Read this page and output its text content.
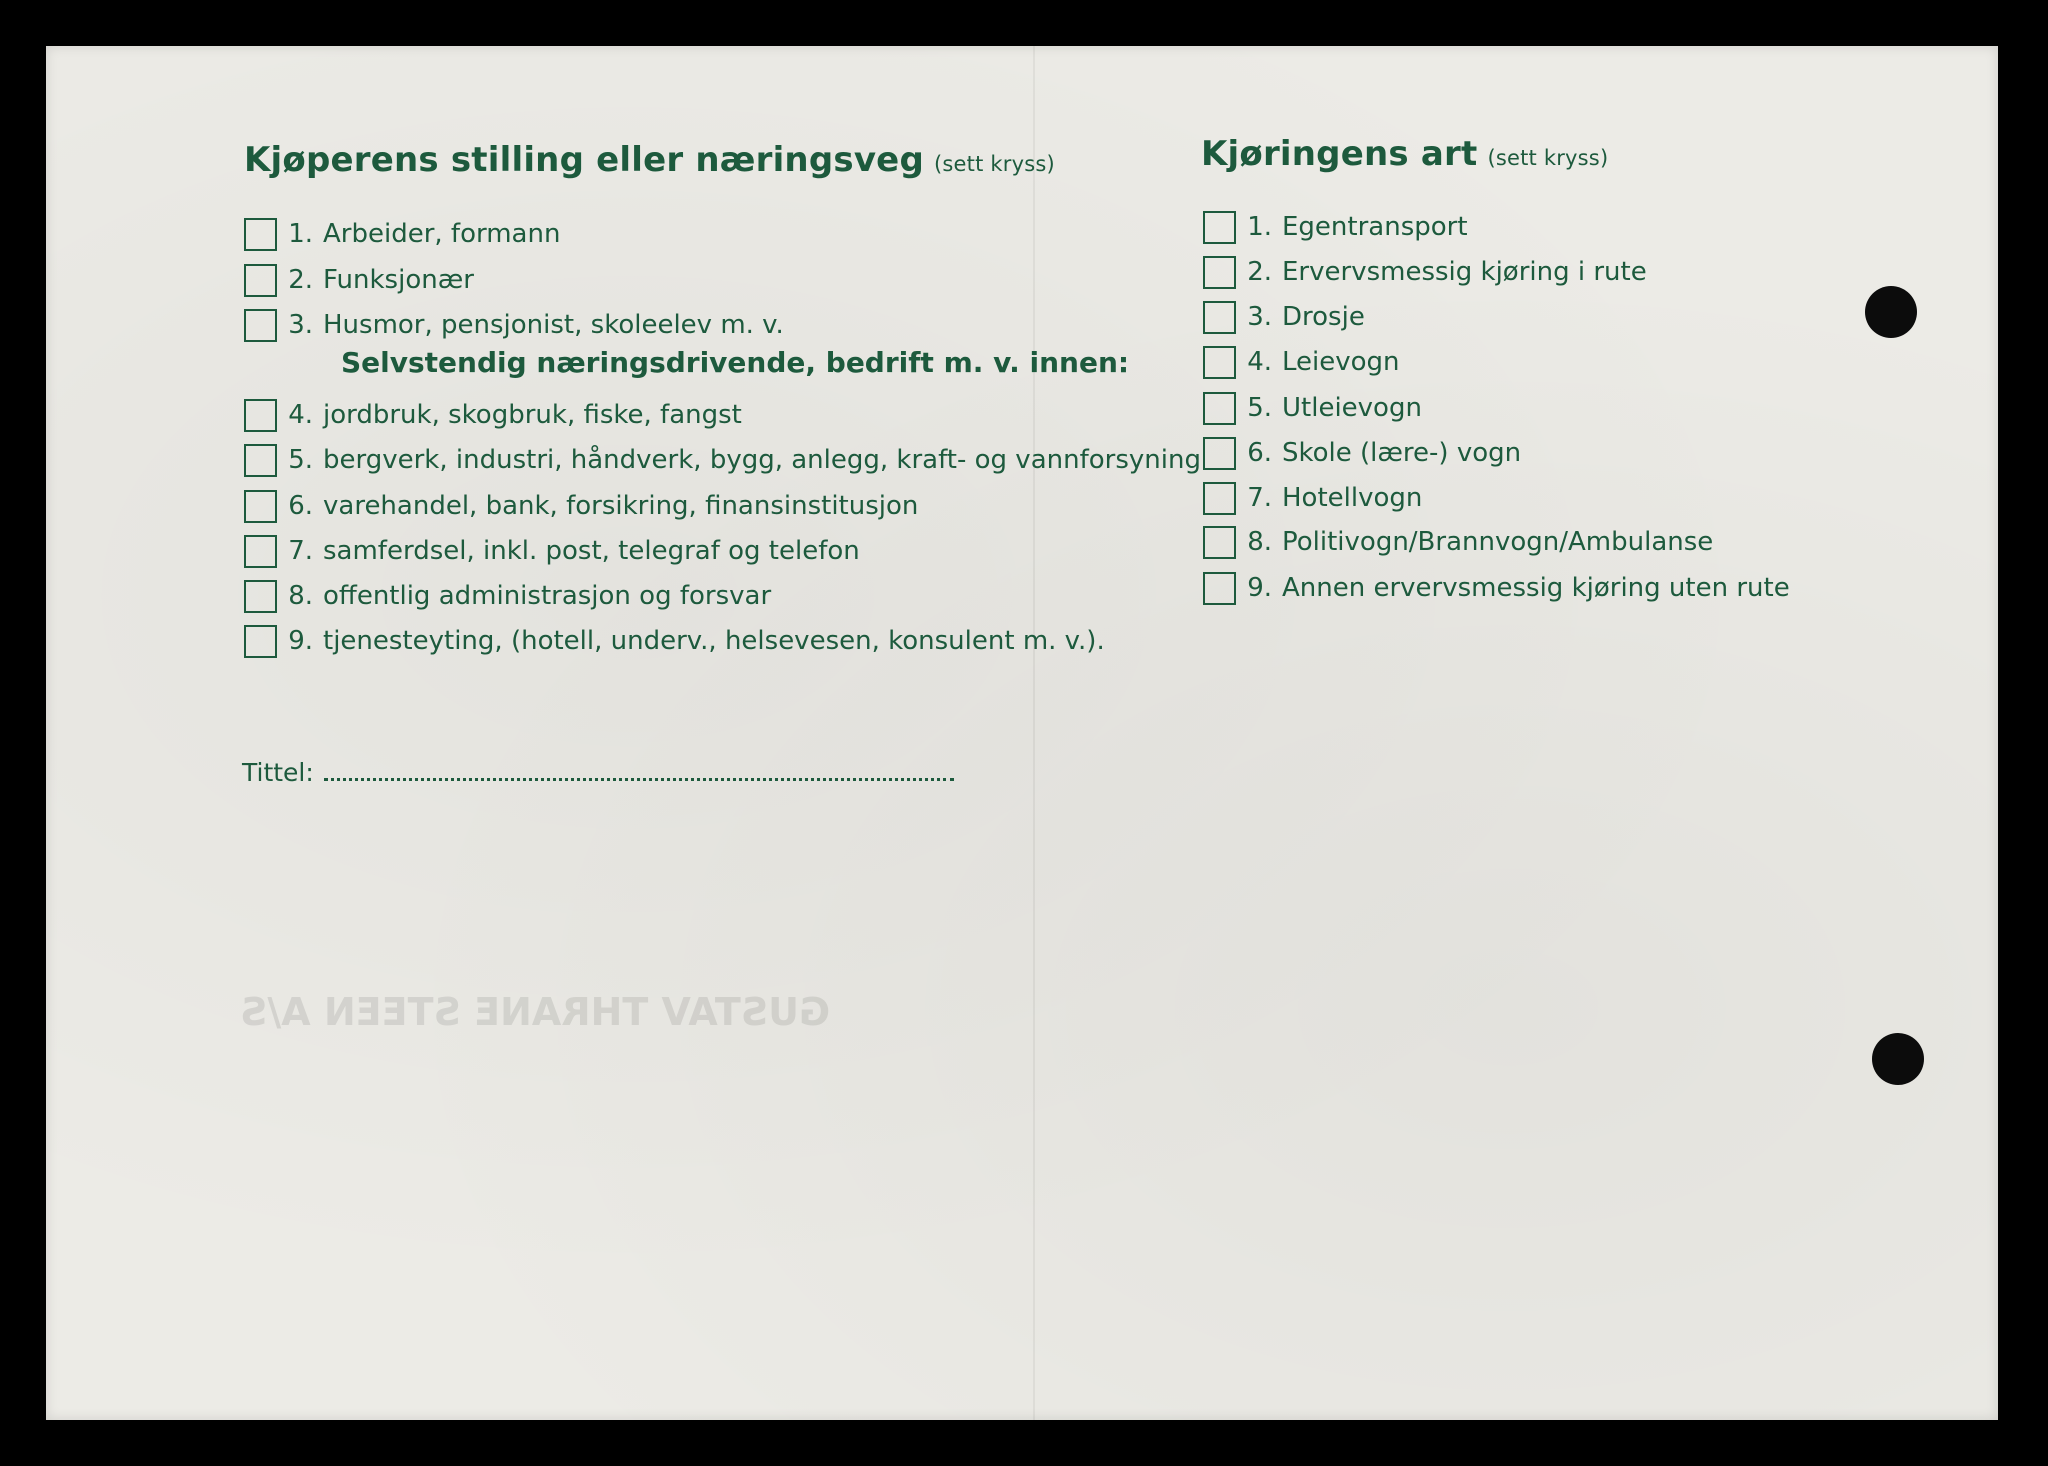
GUSTAV THRANE STEEN A/S
Kjøperens stilling eller næringsveg (sett kryss)
1. Arbeider, formann
2. Funksjonær
3. Husmor, pensjonist, skoleelev m. v.
Selvstendig næringsdrivende, bedrift m. v. innen:
4. jordbruk, skogbruk, fiske, fangst
5. bergverk, industri, håndverk, bygg, anlegg, kraft- og vannforsyning
6. varehandel, bank, forsikring, finansinstitusjon
7. samferdsel, inkl. post, telegraf og telefon
8. offentlig administrasjon og forsvar
9. tjenesteyting, (hotell, underv., helsevesen, konsulent m. v.).
Tittel:
Kjøringens art (sett kryss)
1. Egentransport
2. Ervervsmessig kjøring i rute
3. Drosje
4. Leievogn
5. Utleievogn
6. Skole (lære-) vogn
7. Hotellvogn
8. Politivogn/Brannvogn/Ambulanse
9. Annen ervervsmessig kjøring uten rute
